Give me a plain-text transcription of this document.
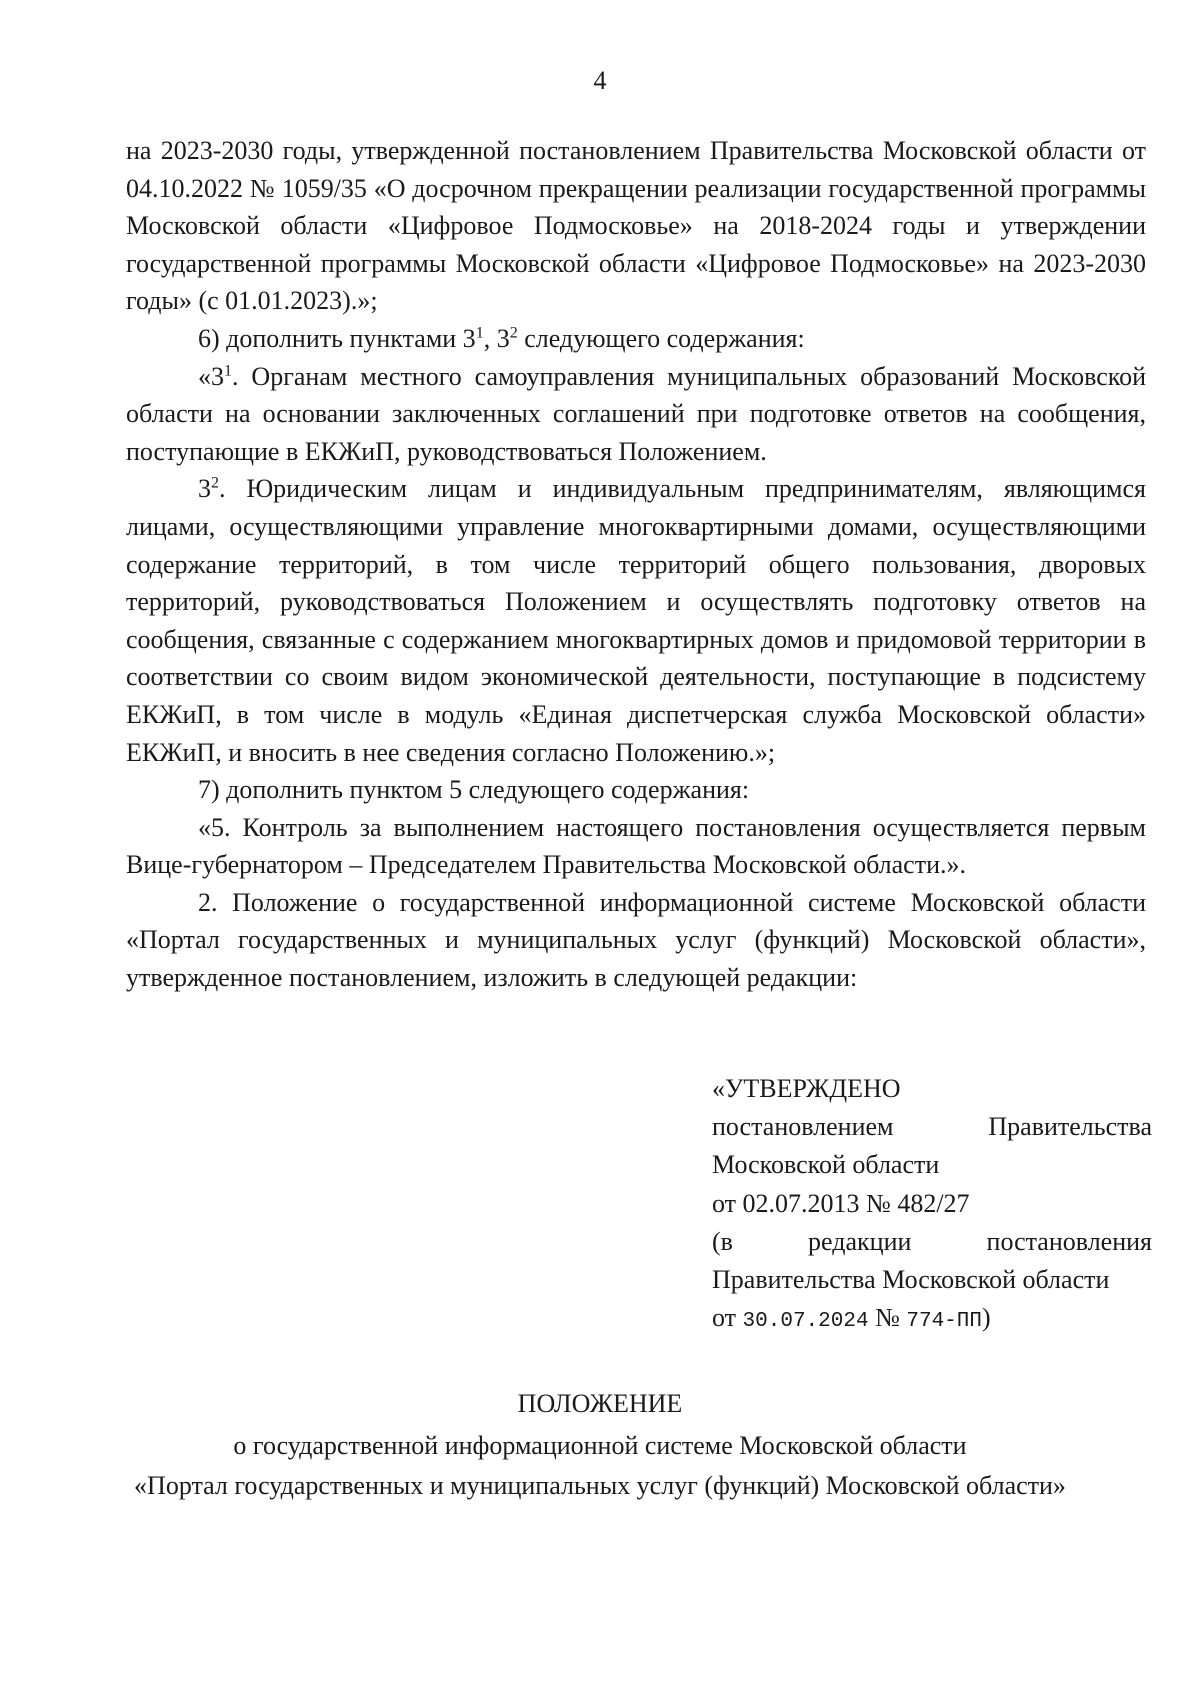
4

на 2023-2030 годы, утвержденной постановлением Правительства Московской области от 04.10.2022 № 1059/35 «О досрочном прекращении реализации государственной программы Московской области «Цифровое Подмосковье» на 2018-2024 годы и утверждении государственной программы Московской области «Цифровое Подмосковье» на 2023-2030 годы» (с 01.01.2023).»;

6) дополнить пунктами $3^1$, $3^2$ следующего содержания:

«$3^1$. Органам местного самоуправления муниципальных образований Московской области на основании заключенных соглашений при подготовке ответов на сообщения, поступающие в ЕКЖиП, руководствоваться Положением.

$3^2$. Юридическим лицам и индивидуальным предпринимателям, являющимся лицами, осуществляющими управление многоквартирными домами, осуществляющими содержание территорий, в том числе территорий общего пользования, дворовых территорий, руководствоваться Положением и осуществлять подготовку ответов на сообщения, связанные с содержанием многоквартирных домов и придомовой территории в соответствии со своим видом экономической деятельности, поступающие в подсистему ЕКЖиП, в том числе в модуль «Единая диспетчерская служба Московской области» ЕКЖиП, и вносить в нее сведения согласно Положению.»;

7) дополнить пунктом 5 следующего содержания:

«5. Контроль за выполнением настоящего постановления осуществляется первым Вице-губернатором – Председателем Правительства Московской области.».

2. Положение о государственной информационной системе Московской области «Портал государственных и муниципальных услуг (функций) Московской области», утвержденное постановлением, изложить в следующей редакции:

«УТВЕРЖДЕНО
постановлением Правительства
Московской области
от 02.07.2013 № 482/27
(в редакции постановления
Правительства Московской области
от 30.07.2024 № 774-ПП)
ПОЛОЖЕНИЕ
о государственной информационной системе Московской области
«Портал государственных и муниципальных услуг (функций) Московской области»
